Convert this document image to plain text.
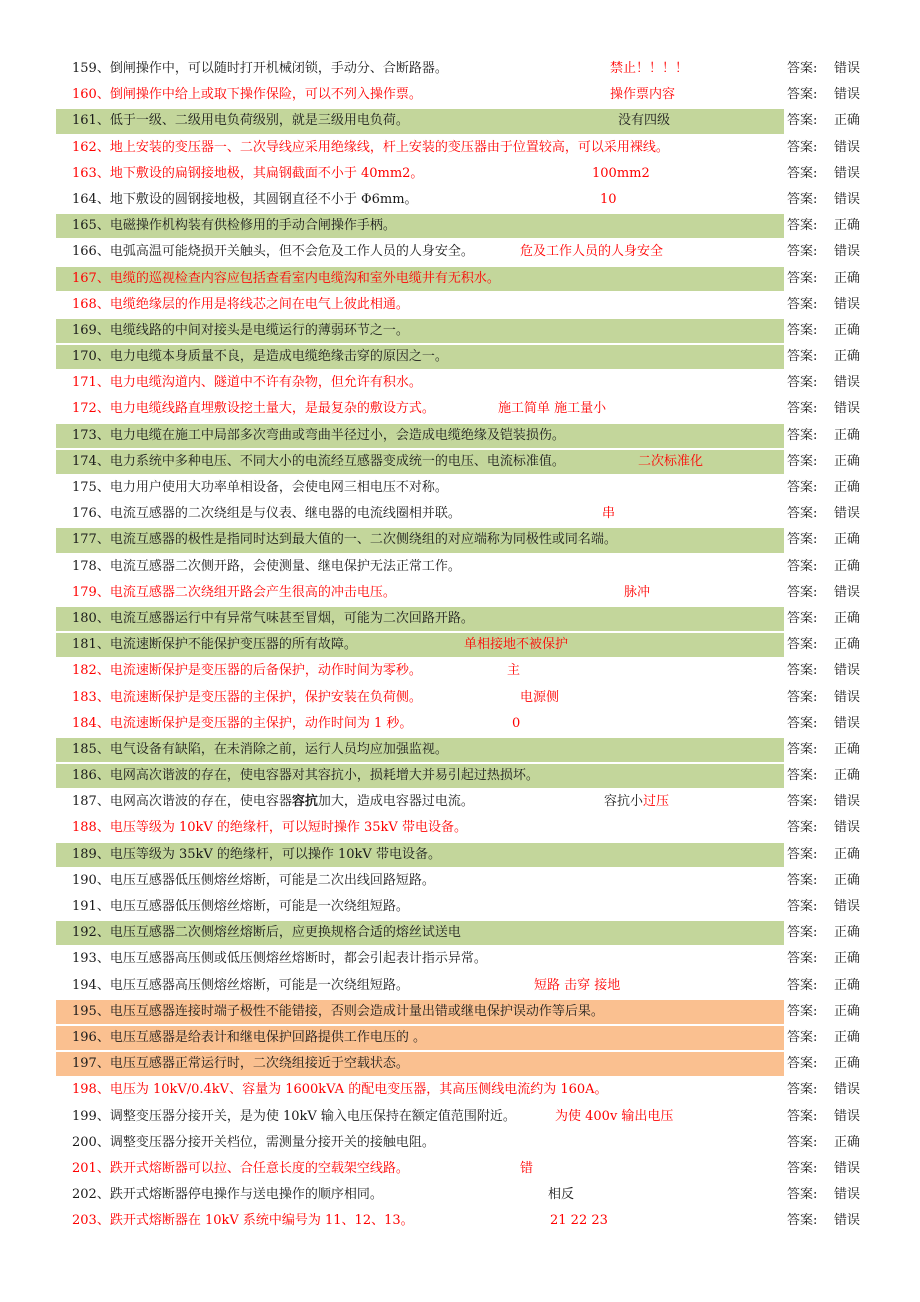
159、倒闸操作中，可以随时打开机械闭锁，手动分、合断路器。	禁止！！！！	答案: 错误
160、倒闸操作中给上或取下操作保险，可以不列入操作票。	操作票内容	答案: 错误
161、低于一级、二级用电负荷级别，就是三级用电负荷。	没有四级	答案: 正确
162、地上安装的变压器一、二次导线应采用绝缘线，杆上安装的变压器由于位置较高，可以采用裸线。	答案: 错误
163、地下敷设的扁钢接地极，其扁钢截面不小于 40mm2。	100mm2	答案: 错误
164、地下敷设的圆钢接地极，其圆钢直径不小于 Φ6mm。	10	答案: 错误
165、电磁操作机构装有供检修用的手动合闸操作手柄。	答案: 正确
166、电弧高温可能烧损开关触头，但不会危及工作人员的人身安全。	危及工作人员的人身安全	答案: 错误
167、电缆的巡视检查内容应包括查看室内电缆沟和室外电缆井有无积水。	答案: 正确
168、电缆绝缘层的作用是将线芯之间在电气上彼此相通。	答案: 错误
169、电缆线路的中间对接头是电缆运行的薄弱环节之一。	答案: 正确
170、电力电缆本身质量不良，是造成电缆绝缘击穿的原因之一。	答案: 正确
171、电力电缆沟道内、隧道中不许有杂物，但允许有积水。	答案: 错误
172、电力电缆线路直埋敷设挖土量大，是最复杂的敷设方式。	施工简单 施工量小	答案: 错误
173、电力电缆在施工中局部多次弯曲或弯曲半径过小，会造成电缆绝缘及铠装损伤。	答案: 正确
174、电力系统中多种电压、不同大小的电流经互感器变成统一的电压、电流标准值。	二次标准化	答案: 正确
175、电力用户使用大功率单相设备，会使电网三相电压不对称。	答案: 正确
176、电流互感器的二次绕组是与仪表、继电器的电流线圈相并联。	串	答案: 错误
177、电流互感器的极性是指同时达到最大值的一、二次侧绕组的对应端称为同极性或同名端。	答案: 正确
178、电流互感器二次侧开路，会使测量、继电保护无法正常工作。	答案: 正确
179、电流互感器二次绕组开路会产生很高的冲击电压。	脉冲	答案: 错误
180、电流互感器运行中有异常气味甚至冒烟，可能为二次回路开路。	答案: 正确
181、电流速断保护不能保护变压器的所有故障。	单相接地不被保护	答案: 正确
182、电流速断保护是变压器的后备保护，动作时间为零秒。	主	答案: 错误
183、电流速断保护是变压器的主保护，保护安装在负荷侧。	电源侧	答案: 错误
184、电流速断保护是变压器的主保护，动作时间为 1 秒。	0	答案: 错误
185、电气设备有缺陷，在未消除之前，运行人员均应加强监视。	答案: 正确
186、电网高次谐波的存在，使电容器对其容抗小，损耗增大并易引起过热损坏。	答案: 正确
187、电网高次谐波的存在，使电容器容抗加大，造成电容器过电流。	容抗小 过压	答案: 错误
188、电压等级为 10kV 的绝缘杆，可以短时操作 35kV 带电设备。	答案: 错误
189、电压等级为 35kV 的绝缘杆，可以操作 10kV 带电设备。	答案: 正确
190、电压互感器低压侧熔丝熔断，可能是二次出线回路短路。	答案: 正确
191、电压互感器低压侧熔丝熔断，可能是一次绕组短路。	答案: 错误
192、电压互感器二次侧熔丝熔断后，应更换规格合适的熔丝试送电	答案: 正确
193、电压互感器高压侧或低压侧熔丝熔断时，都会引起表计指示异常。	答案: 正确
194、电压互感器高压侧熔丝熔断，可能是一次绕组短路。	短路 击穿 接地	答案: 正确
195、电压互感器连接时端子极性不能错接，否则会造成计量出错或继电保护误动作等后果。	答案: 正确
196、电压互感器是给表计和继电保护回路提供工作电压的 。	答案: 正确
197、电压互感器正常运行时，二次绕组接近于空载状态。	答案: 正确
198、电压为 10kV/0.4kV、容量为 1600kVA 的配电变压器，其高压侧线电流约为 160A。	答案: 错误
199、调整变压器分接开关，是为使 10kV 输入电压保持在额定值范围附近。	为使 400v 输出电压	答案: 错误
200、调整变压器分接开关档位，需测量分接开关的接触电阻。	答案: 正确
201、跌开式熔断器可以拉、合任意长度的空载架空线路。	错	答案: 错误
202、跌开式熔断器停电操作与送电操作的顺序相同。	相反	答案: 错误
203、跌开式熔断器在 10kV 系统中编号为 11、12、13。	21 22 23	答案: 错误
